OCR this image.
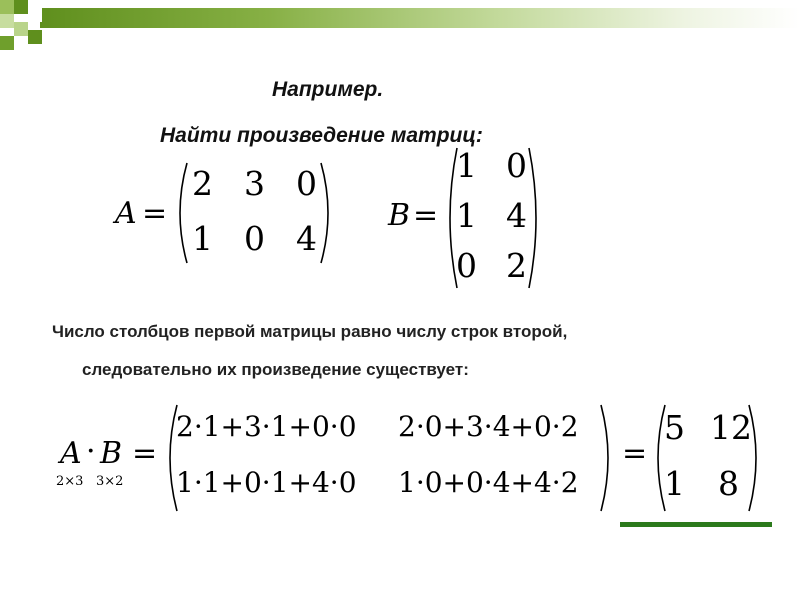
Например.
Найти произведение матриц:
A =
2 3 0
1 0 4
B =
1 0
1 4
0 2
Число столбцов первой матрицы равно числу строк второй,
следовательно их произведение существует:
A · B
2×3 3×2
=
2·1+3·1+0·0 2·0+3·4+0·2
1·1+0·1+4·0 1·0+0·4+4·2
=
5 12
1 8
